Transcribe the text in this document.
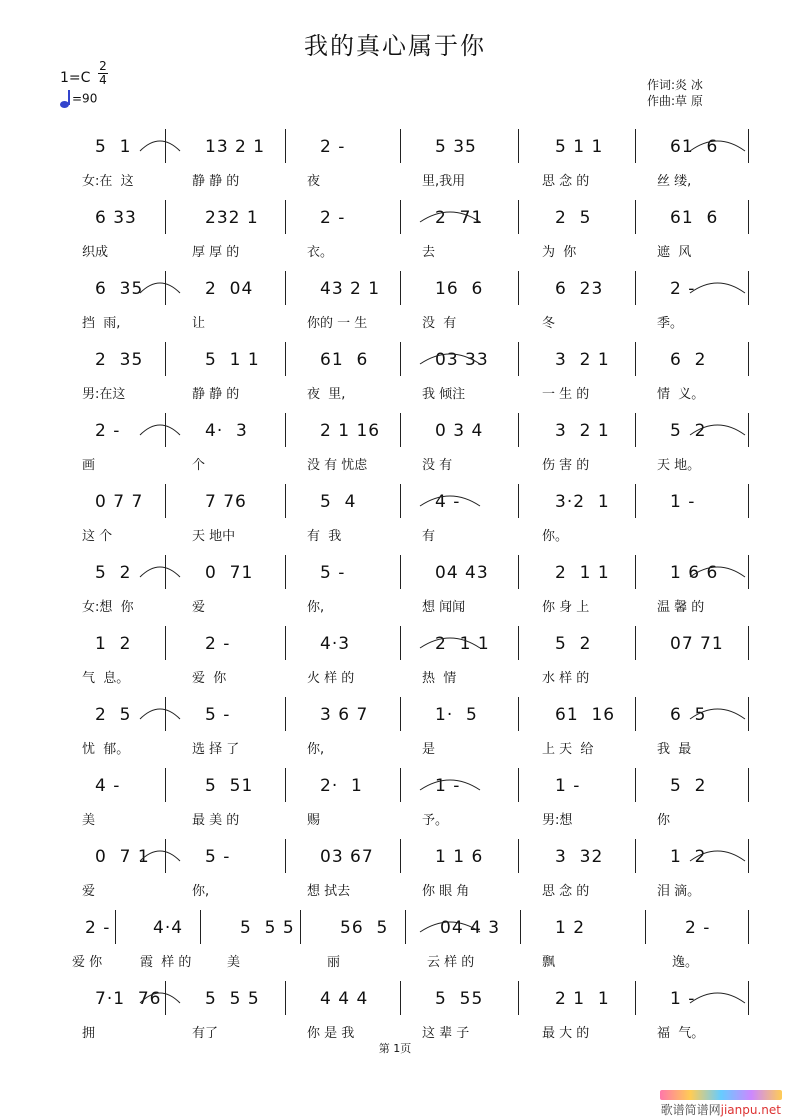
我的真心属于你
1=C
2
4
=90
作词:炎 冰
作曲:草 原
5  1	13 2 1	2 -	5 35	5 1 1	61  6
女:在  这	静 静 的	夜	里,我用	思 念 的	丝 缕,
6 33	232 1	2 -	2  71	2  5	61  6
织成	厚 厚 的	衣。	去	为  你	遮  风
6  35	2  04	43 2 1	16  6	6  23	2 -
挡  雨,	让	你的 一 生	没  有	冬	季。
2  35	5  1 1	61  6	03 33	3  2 1	6  2
男:在这	静 静 的	夜  里,	我 倾注	一 生 的	情  义。
2 -	4·  3	2 1 16	0 3 4	3  2 1	5  2
画	个	没 有 忧虑	没 有	伤 害 的	天 地。
0 7 7	7 76	5  4	4 -	3·2  1	1 -
这 个	天 地中	有  我	有	你。
5  2	0  71	5 -	04 43	2  1 1	1 6 6
女:想  你	爱	你,	想 闻闻	你 身 上	温 馨 的
1  2	2 -	4·3	2  1 1	5  2	07 71
气  息。	爱  你	火 样 的	热  情	水 样 的
2  5	5 -	3 6 7	1·  5	61  16	6  5
忧  郁。	选 择 了	你,	是	上 天  给	我  最
4 -	5  51	2·  1	1 -	1 -	5  2
美	最 美 的	赐	予。	男:想	你
0  7 1	5 -	03 67	1 1 6	3  32	1  2
爱	你,	想 拭去	你 眼 角	思 念 的	泪 滴。
2 -	4·4	5  5 5	56  5	04 4 3	1 2	2 -
爱 你	霞  样 的	美	丽	云 样 的	飘	逸。
7·1  76	5  5 5	4 4 4	5  55	2 1  1	1 -
拥	有了	你 是 我	这 辈 子	最 大 的	福  气。
第 1页
歌谱简谱网jianpu.net
